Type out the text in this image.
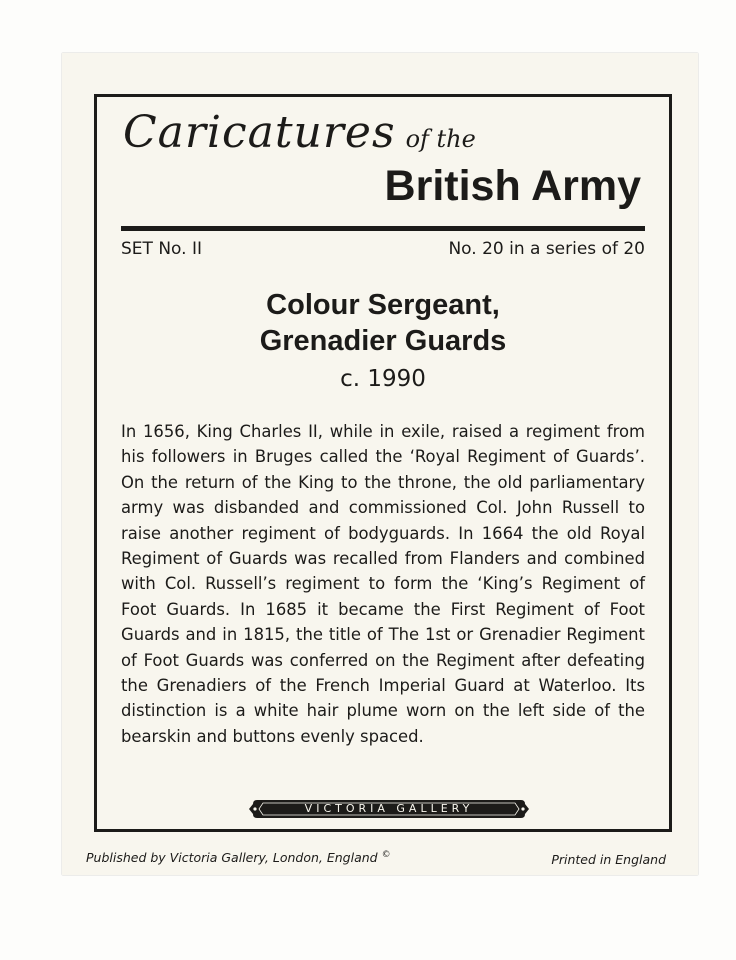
Caricatures of the
British Army
SET No. II	No. 20 in a series of 20
Colour Sergeant,
Grenadier Guards
c. 1990
In 1656, King Charles II, while in exile, raised a regiment from his followers in Bruges called the ‘Royal Regiment of Guards’. On the return of the King to the throne, the old parliamentary army was disbanded and commissioned Col. John Russell to raise another regiment of bodyguards. In 1664 the old Royal Regiment of Guards was recalled from Flanders and combined with Col. Russell’s regiment to form the ‘King’s Regiment of Foot Guards. In 1685 it became the First Regiment of Foot Guards and in 1815, the title of The 1st or Grenadier Regiment of Foot Guards was conferred on the Regiment after defeating the Grenadiers of the French Imperial Guard at Waterloo. Its distinction is a white hair plume worn on the left side of the bearskin and buttons evenly spaced.
VICTORIA GALLERY
Published by Victoria Gallery, London, England ©	Printed in England
